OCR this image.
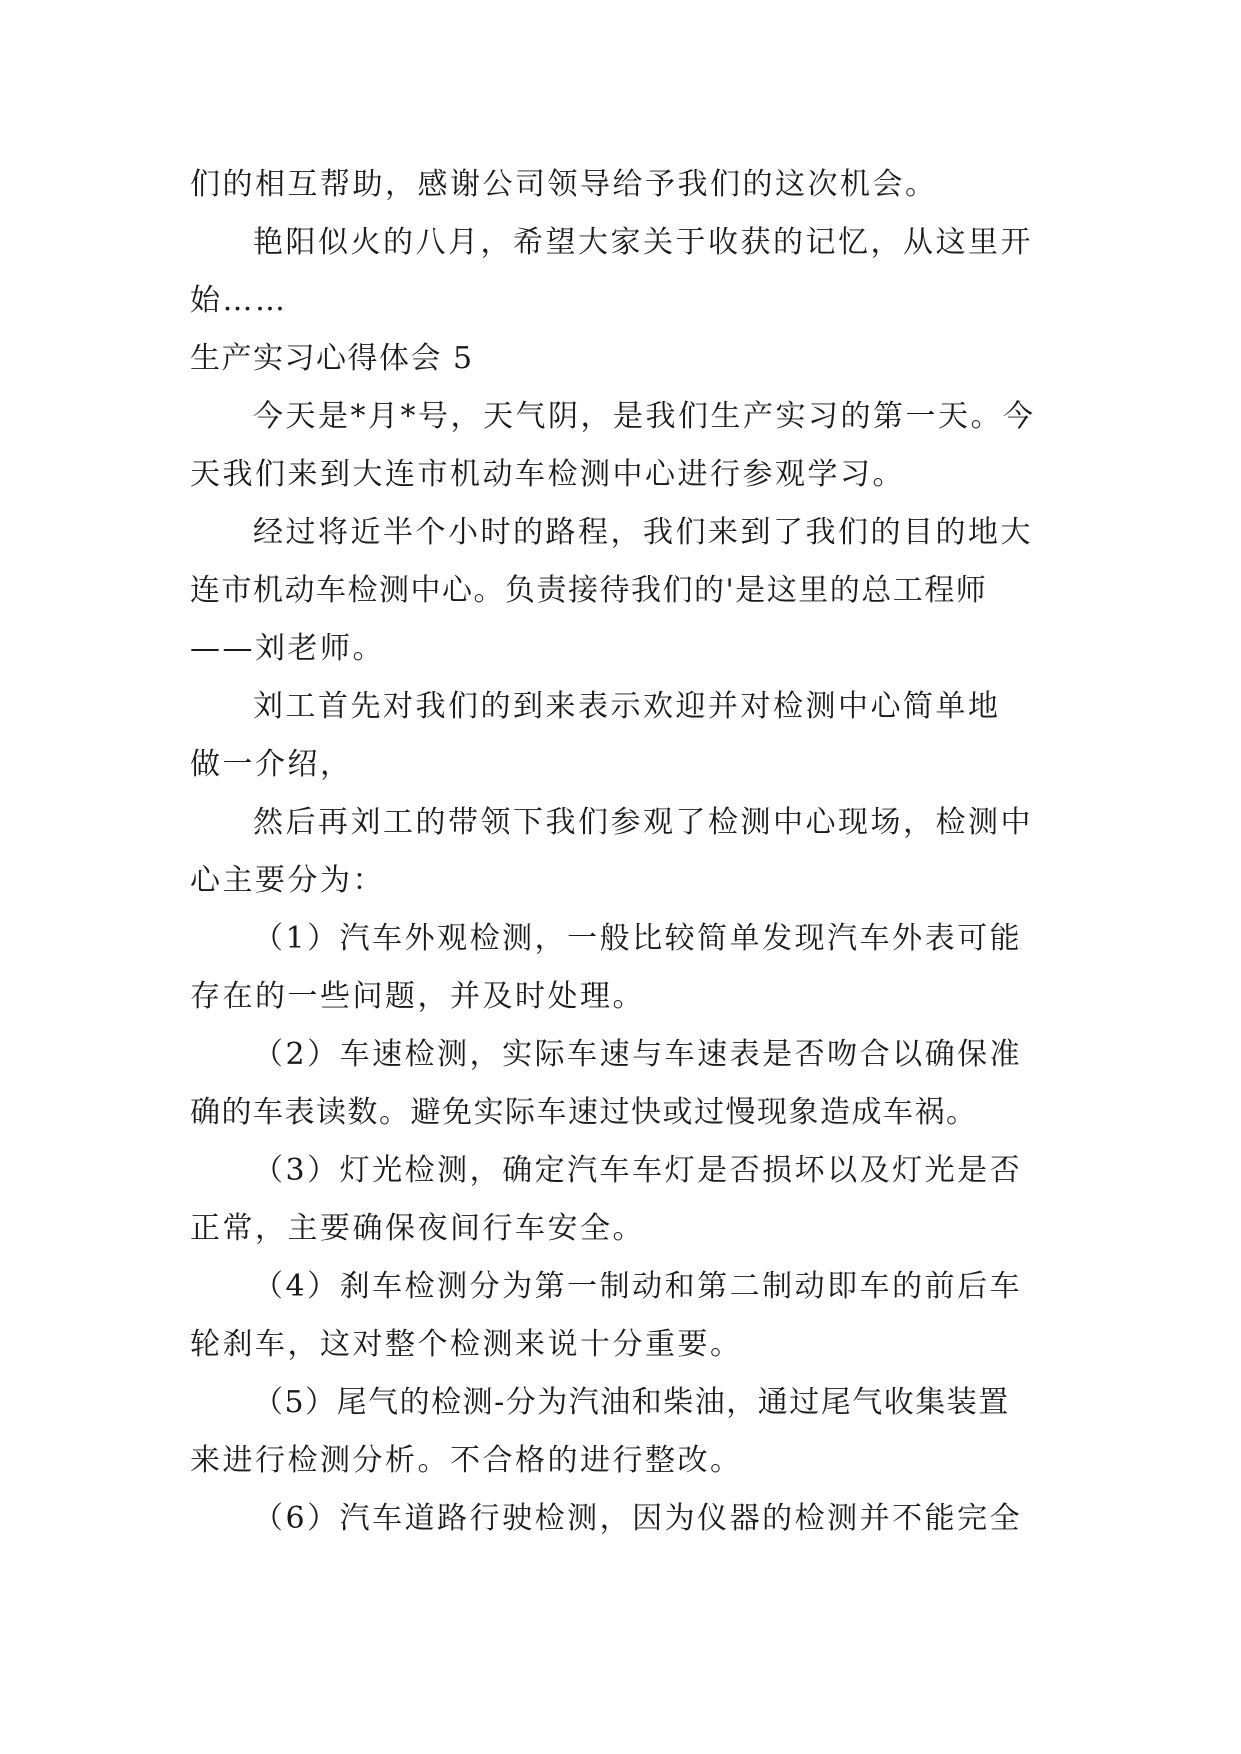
们的相互帮助，感谢公司领导给予我们的这次机会。
艳阳似火的八月，希望大家关于收获的记忆，从这里开
始……
生产实习心得体会 5
今天是*月*号，天气阴，是我们生产实习的第一天。今
天我们来到大连市机动车检测中心进行参观学习。
经过将近半个小时的路程，我们来到了我们的目的地大
连市机动车检测中心。负责接待我们的'是这里的总工程师
——刘老师。
刘工首先对我们的到来表示欢迎并对检测中心简单地
做一介绍，
然后再刘工的带领下我们参观了检测中心现场，检测中
心主要分为：
（1）汽车外观检测，一般比较简单发现汽车外表可能
存在的一些问题，并及时处理。
（2）车速检测，实际车速与车速表是否吻合以确保准
确的车表读数。避免实际车速过快或过慢现象造成车祸。
（3）灯光检测，确定汽车车灯是否损坏以及灯光是否
正常，主要确保夜间行车安全。
（4）刹车检测分为第一制动和第二制动即车的前后车
轮刹车，这对整个检测来说十分重要。
（5）尾气的检测-分为汽油和柴油，通过尾气收集装置
来进行检测分析。不合格的进行整改。
（6）汽车道路行驶检测，因为仪器的检测并不能完全
